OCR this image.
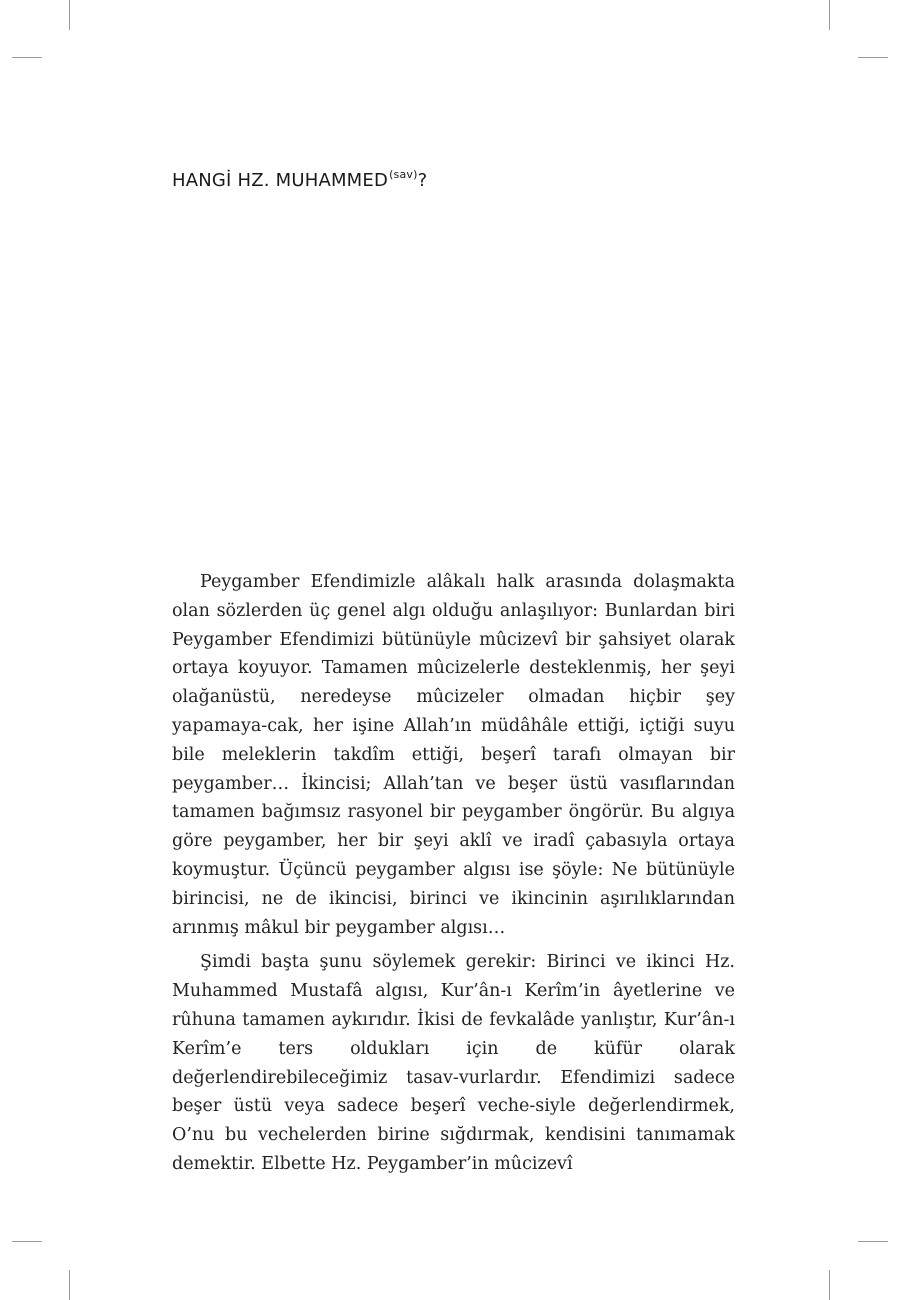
HANGİ HZ. $MUHAMMED^{(sav)}$?

Peygamber Efendimizle alâkalı halk arasında dolaşmakta olan sözlerden üç genel algı olduğu anlaşılıyor: Bunlardan biri Peygamber Efendimizi bütünüyle mûcizevî bir şahsiyet olarak ortaya koyuyor. Tamamen mûcizelerle desteklenmiş, her şeyi olağanüstü, neredeyse mûcizeler olmadan hiçbir şey yapamaya-cak, her işine Allah’ın müdâhâle ettiği, içtiği suyu bile meleklerin takdîm ettiği, beşerî tarafı olmayan bir peygamber… İkincisi; Allah’tan ve beşer üstü vasıflarından tamamen bağımsız rasyonel bir peygamber öngörür. Bu algıya göre peygamber, her bir şeyi aklî ve iradî çabasıyla ortaya koymuştur. Üçüncü peygamber algısı ise şöyle: Ne bütünüyle birincisi, ne de ikincisi, birinci ve ikincinin aşırılıklarından arınmış mâkul bir peygamber algısı…

Şimdi başta şunu söylemek gerekir: Birinci ve ikinci Hz. Muhammed Mustafâ algısı, Kur’ân-ı Kerîm’in âyetlerine ve rûhuna tamamen aykırıdır. İkisi de fevkalâde yanlıştır, Kur’ân-ı Kerîm’e ters oldukları için de küfür olarak değerlendirebileceğimiz tasav-vurlardır. Efendimizi sadece beşer üstü veya sadece beşerî veche-siyle değerlendirmek, O’nu bu vechelerden birine sığdırmak, kendisini tanımamak demektir. Elbette Hz. Peygamber’in mûcizevî
